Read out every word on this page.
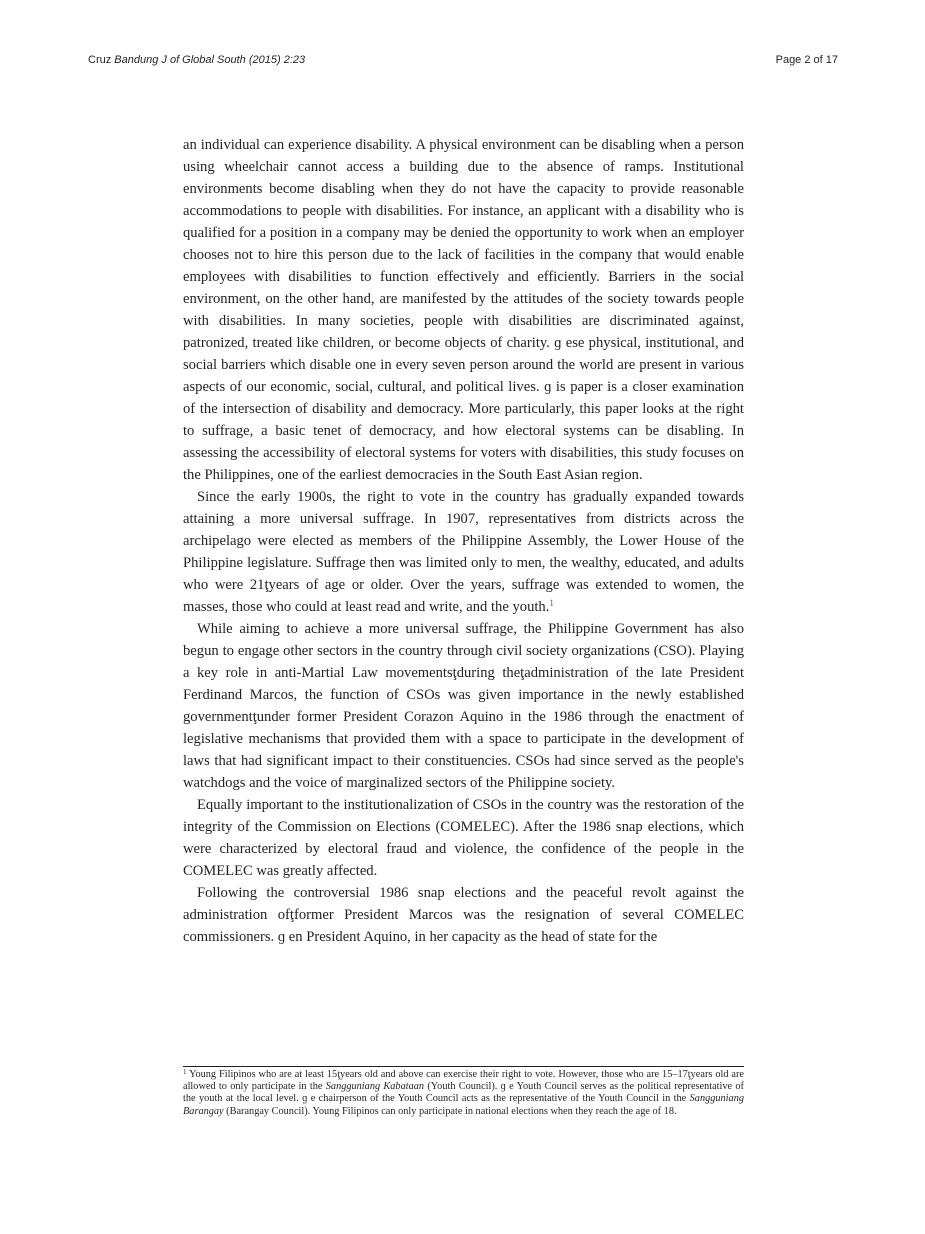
Cruz Bandung J of Global South (2015) 2:23	Page 2 of 17

an individual can experience disability. A physical environment can be disabling when a person using wheelchair cannot access a building due to the absence of ramps. Institutional environments become disabling when they do not have the capacity to provide reasonable accommodations to people with disabilities. For instance, an applicant with a disability who is qualified for a position in a company may be denied the opportunity to work when an employer chooses not to hire this person due to the lack of facilities in the company that would enable employees with disabilities to function effectively and efficiently. Barriers in the social environment, on the other hand, are manifested by the attitudes of the society towards people with disabilities. In many societies, people with disabilities are discriminated against, patronized, treated like children, or become objects of charity. ɡ ese physical, institutional, and social barriers which disable one in every seven person around the world are present in various aspects of our economic, social, cultural, and political lives. ɡ is paper is a closer examination of the intersection of disability and democracy. More particularly, this paper looks at the right to suffrage, a basic tenet of democracy, and how electoral systems can be disabling. In assessing the accessibility of electoral systems for voters with disabilities, this study focuses on the Philippines, one of the earliest democracies in the South East Asian region.

Since the early 1900s, the right to vote in the country has gradually expanded towards attaining a more universal suffrage. In 1907, representatives from districts across the archipelago were elected as members of the Philippine Assembly, the Lower House of the Philippine legislature. Suffrage then was limited only to men, the wealthy, educated, and adults who were 21ţyears of age or older. Over the years, suffrage was extended to women, the masses, those who could at least read and write, and the youth.$^1$

While aiming to achieve a more universal suffrage, the Philippine Government has also begun to engage other sectors in the country through civil society organizations (CSO). Playing a key role in anti-Martial Law movementsţduring theţadministration of the late President Ferdinand Marcos, the function of CSOs was given importance in the newly established governmentţunder former President Corazon Aquino in the 1986 through the enactment of legislative mechanisms that provided them with a space to participate in the development of laws that had significant impact to their constituencies. CSOs had since served as the people's watchdogs and the voice of marginalized sectors of the Philippine society.

Equally important to the institutionalization of CSOs in the country was the restoration of the integrity of the Commission on Elections (COMELEC). After the 1986 snap elections, which were characterized by electoral fraud and violence, the confidence of the people in the COMELEC was greatly affected.

Following the controversial 1986 snap elections and the peaceful revolt against the administration ofţformer President Marcos was the resignation of several COMELEC commissioners. ɡ en President Aquino, in her capacity as the head of state for the

$^1$ Young Filipinos who are at least 15ţyears old and above can exercise their right to vote. However, those who are 15–17ţyears old are allowed to only participate in the Sangguniang Kabataan (Youth Council). ɡ e Youth Council serves as the political representative of the youth at the local level. ɡ e chairperson of the Youth Council acts as the representative of the Youth Council in the Sangguniang Barangay (Barangay Council). Young Filipinos can only participate in national elections when they reach the age of 18.
